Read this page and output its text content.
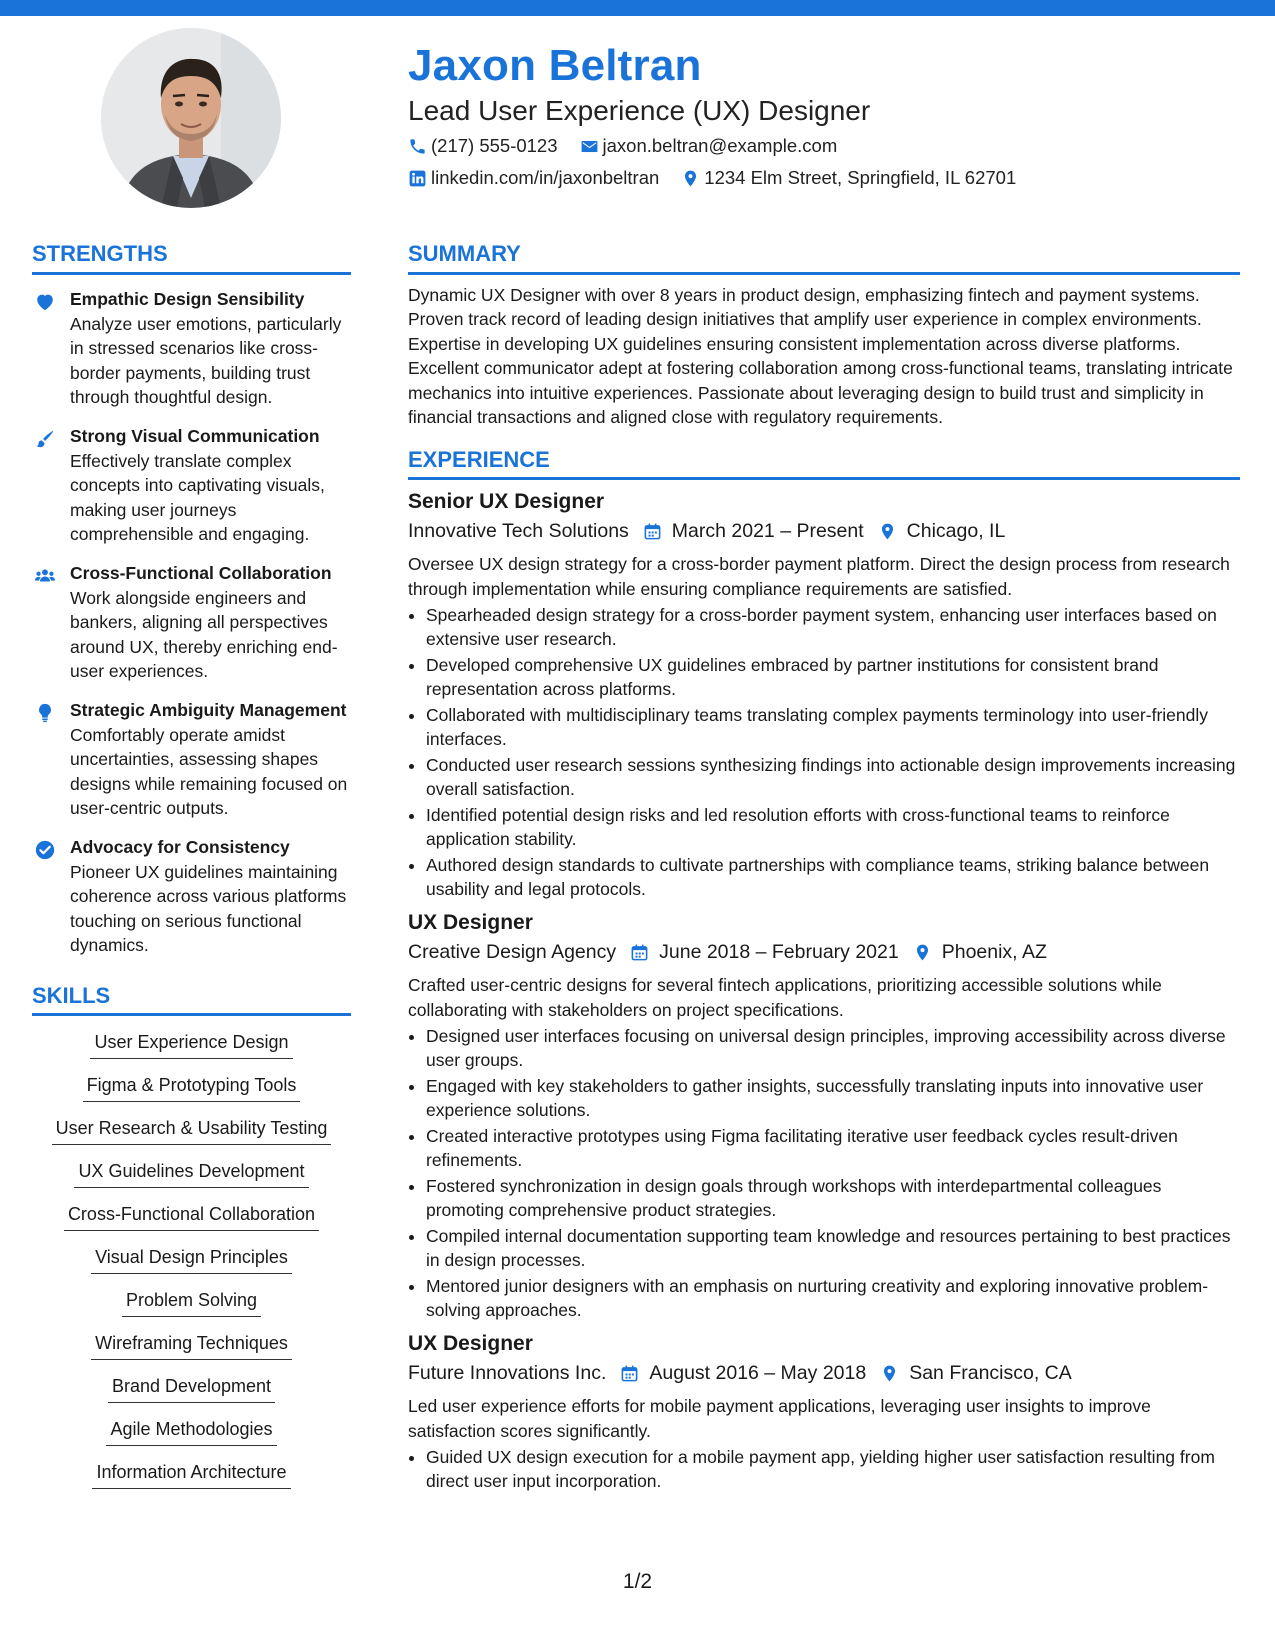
Jaxon Beltran
Lead User Experience (UX) Designer
(217) 555-0123 jaxon.beltran@example.com
linkedin.com/in/jaxonbeltran 1234 Elm Street, Springfield, IL 62701
STRENGTHS
Empathic Design Sensibility
Analyze user emotions, particularly in stressed scenarios like cross-border payments, building trust through thoughtful design.
Strong Visual Communication
Effectively translate complex concepts into captivating visuals, making user journeys comprehensible and engaging.
Cross-Functional Collaboration
Work alongside engineers and bankers, aligning all perspectives around UX, thereby enriching end-user experiences.
Strategic Ambiguity Management
Comfortably operate amidst uncertainties, assessing shapes designs while remaining focused on user-centric outputs.
Advocacy for Consistency
Pioneer UX guidelines maintaining coherence across various platforms touching on serious functional dynamics.
SKILLS
User Experience Design
Figma & Prototyping Tools
User Research & Usability Testing
UX Guidelines Development
Cross-Functional Collaboration
Visual Design Principles
Problem Solving
Wireframing Techniques
Brand Development
Agile Methodologies
Information Architecture
SUMMARY

Dynamic UX Designer with over 8 years in product design, emphasizing fintech and payment systems. Proven track record of leading design initiatives that amplify user experience in complex environments. Expertise in developing UX guidelines ensuring consistent implementation across diverse platforms. Excellent communicator adept at fostering collaboration among cross-functional teams, translating intricate mechanics into intuitive experiences. Passionate about leveraging design to build trust and simplicity in financial transactions and aligned close with regulatory requirements.

EXPERIENCE
Senior UX Designer
Innovative Tech Solutions March 2021 – Present Chicago, IL
Oversee UX design strategy for a cross-border payment platform. Direct the design process from research through implementation while ensuring compliance requirements are satisfied.
• Spearheaded design strategy for a cross-border payment system, enhancing user interfaces based on extensive user research.
• Developed comprehensive UX guidelines embraced by partner institutions for consistent brand representation across platforms.
• Collaborated with multidisciplinary teams translating complex payments terminology into user-friendly interfaces.
• Conducted user research sessions synthesizing findings into actionable design improvements increasing overall satisfaction.
• Identified potential design risks and led resolution efforts with cross-functional teams to reinforce application stability.
• Authored design standards to cultivate partnerships with compliance teams, striking balance between usability and legal protocols.
UX Designer
Creative Design Agency June 2018 – February 2021 Phoenix, AZ
Crafted user-centric designs for several fintech applications, prioritizing accessible solutions while collaborating with stakeholders on project specifications.
• Designed user interfaces focusing on universal design principles, improving accessibility across diverse user groups.
• Engaged with key stakeholders to gather insights, successfully translating inputs into innovative user experience solutions.
• Created interactive prototypes using Figma facilitating iterative user feedback cycles result-driven refinements.
• Fostered synchronization in design goals through workshops with interdepartmental colleagues promoting comprehensive product strategies.
• Compiled internal documentation supporting team knowledge and resources pertaining to best practices in design processes.
• Mentored junior designers with an emphasis on nurturing creativity and exploring innovative problem-solving approaches.
UX Designer
Future Innovations Inc. August 2016 – May 2018 San Francisco, CA
Led user experience efforts for mobile payment applications, leveraging user insights to improve satisfaction scores significantly.
• Guided UX design execution for a mobile payment app, yielding higher user satisfaction resulting from direct user input incorporation.
1/2
